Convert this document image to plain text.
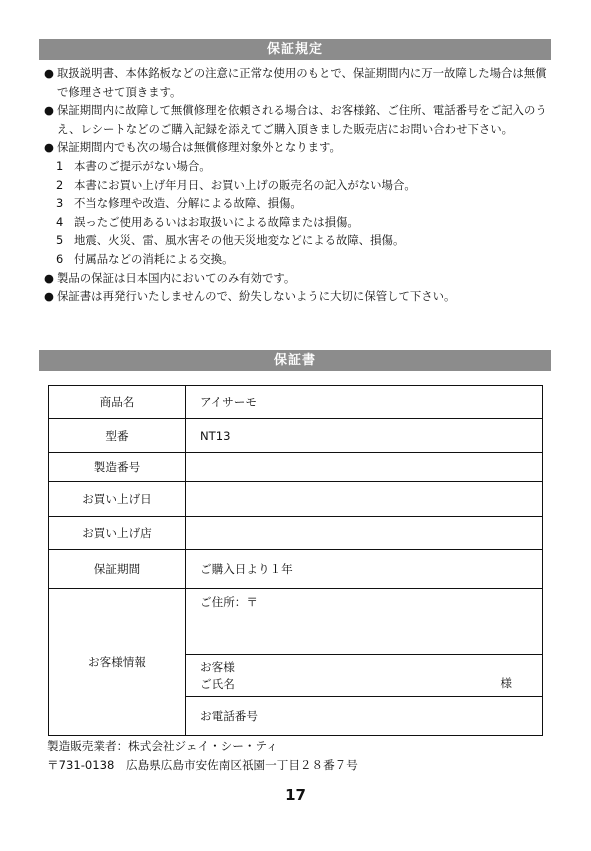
保証規定
● 取扱説明書、本体銘板などの注意に正常な使用のもとで、保証期間内に万一故障した場合は無償で修理させて頂きます。
● 保証期間内に故障して無償修理を依頼される場合は、お客様銘、ご住所、電話番号をご記入のうえ、レシートなどのご購入記録を添えてご購入頂きました販売店にお問い合わせ下さい。
● 保証期間内でも次の場合は無償修理対象外となります。
1 本書のご提示がない場合。
2 本書にお買い上げ年月日、お買い上げの販売名の記入がない場合。
3 不当な修理や改造、分解による故障、損傷。
4 誤ったご使用あるいはお取扱いによる故障または損傷。
5 地震、火災、雷、風水害その他天災地変などによる故障、損傷。
6 付属品などの消耗による交換。
● 製品の保証は日本国内においてのみ有効です。
● 保証書は再発行いたしませんので、紛失しないように大切に保管して下さい。
保証書
商品名	アイサーモ
型番	NT13
製造番号	
お買い上げ日	
お買い上げ店	
保証期間	ご購入日より１年
お客様情報	ご住所：〒

	お客様
ご氏名 様

	お電話番号
製造販売業者：株式会社ジェイ・シー・ティ
〒731-0138　広島県広島市安佐南区祇園一丁目２８番７号
17
